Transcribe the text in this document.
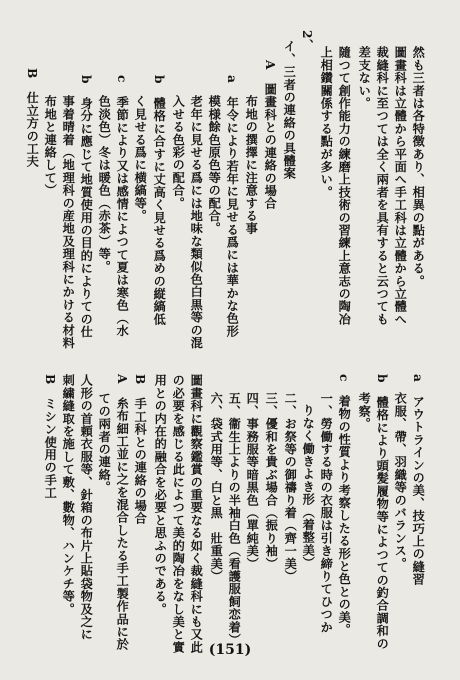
然も三者は各特徴あり、相異の點がある。
圖畫科は立體から平面へ手工科は立體から立體へ
裁縫科に至つては全く兩者を具有すると云つても
差支ない。
隨つて創作能力の練磨上技術の習練上意志の陶冶
上相鑽關係する點が多い。
2、
イ、三者の連絡の具體案
A　圖畫科との連絡の場合
布地の撰擇に注意する事
a　年令により若年に見せる爲には華かな色形
模様餘色原色等の配合。
老年に見せる爲には地味な類似色白黒等の混
入せる色彩の配合。
b　體格に合すに丈高く見せる爲めの縦縞低
く見せる爲に横縞等。
c　季節により又は感情によつて夏は寒色（水
色淡色）冬は暖色（赤茶）等。
b　身分に應じて地質使用の目的によりての仕
事着晴着（地理科の産地及理科にかける材料
布地と連絡して）
B　仕立方の工夫
a　アウトラインの美、技巧上の縫習
衣服、帶、羽織等のバランス。
b　體格により頭髪履物等によつての釣合調和の
考察。
c　着物の性質より考察したる形と色との美。
一、勞働する時の衣服は引き締りてひつか
りなく働きよき形（着整美）
二、お祭等の御禱り着（齊一美）
三、優和を貴ぶ場合（振り袖）
四、事務服等暗黒色（單純美）
五、衞生上よりの半袖白色（看護服飼恋着）
六、袋式用等、白と黒　壯重美）
圖畫科に觀察鑑賞の重要なる如く裁縫科にも又此
の必要を感じる此によつて美的陶冶をなし美と實
用との内在的融合を必要と思ふのである。
B　手工科との連絡の場合
A　糸布細工並に之を混合したる手工製作品に於
ての兩者の連絡。
人形の首頼衣服等、針箱の布片上貼袋物及之に
刺繍縫取を施して敷、數物、ハンケチ等。
B　ミシン使用の手工
(151)
